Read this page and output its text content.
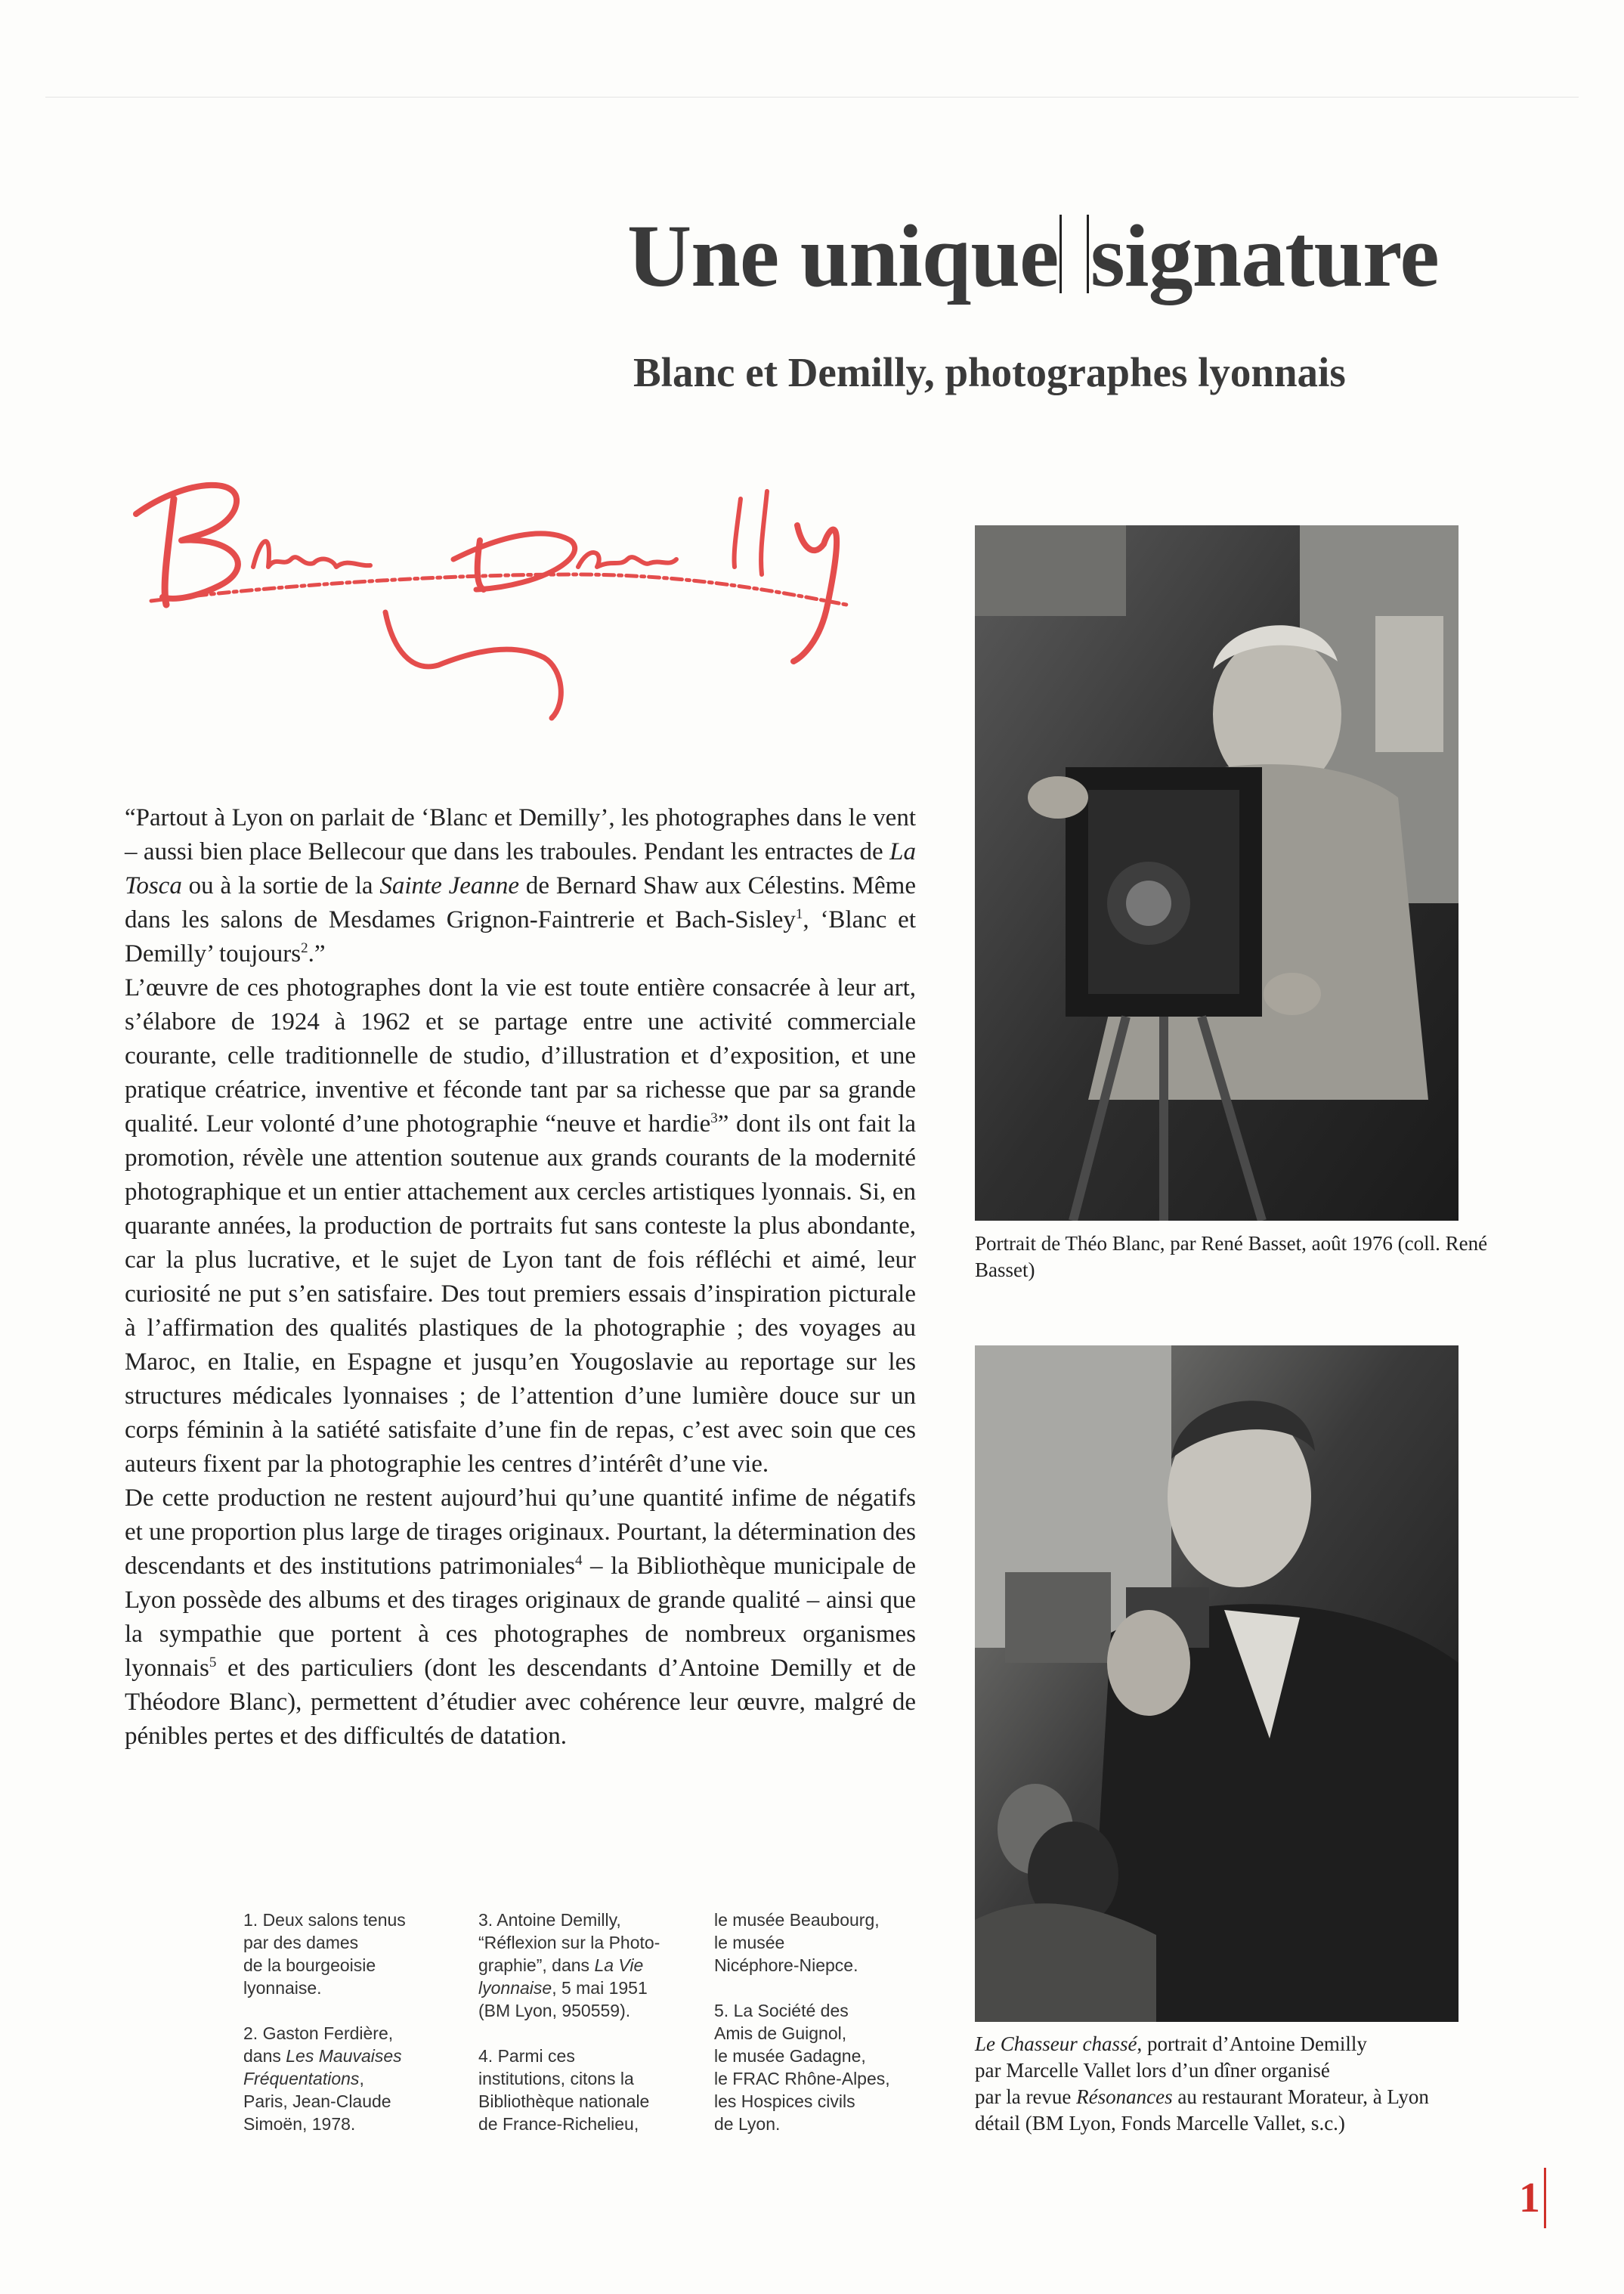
Une unique signature
Blanc et Demilly, photographes lyonnais

“Partout à Lyon on parlait de ‘Blanc et Demilly’, les photographes dans le vent – aussi bien place Bellecour que dans les traboules. Pendant les entractes de La Tosca ou à la sortie de la Sainte Jeanne de Bernard Shaw aux Célestins. Même dans les salons de Mesdames Grignon-Faintrerie et Bach-Sisley$^1$, ‘Blanc et Demilly’ toujours$^2$.”

L’œuvre de ces photographes dont la vie est toute entière consacrée à leur art, s’élabore de 1924 à 1962 et se partage entre une activité commerciale courante, celle traditionnelle de studio, d’illustration et d’exposition, et une pratique créatrice, inventive et féconde tant par sa richesse que par sa grande qualité. Leur volonté d’une photographie “neuve et hardie$^3$” dont ils ont fait la promotion, révèle une attention soutenue aux grands courants de la modernité photographique et un entier attachement aux cercles artistiques lyonnais. Si, en quarante années, la production de portraits fut sans conteste la plus abondante, car la plus lucrative, et le sujet de Lyon tant de fois réfléchi et aimé, leur curiosité ne put s’en satisfaire. Des tout premiers essais d’inspiration picturale à l’affirmation des qualités plastiques de la photographie ; des voyages au Maroc, en Italie, en Espagne et jusqu’en Yougoslavie au reportage sur les structures médicales lyonnaises ; de l’attention d’une lumière douce sur un corps féminin à la satiété satisfaite d’une fin de repas, c’est avec soin que ces auteurs fixent par la photographie les centres d’intérêt d’une vie.

De cette production ne restent aujourd’hui qu’une quantité infime de négatifs et une proportion plus large de tirages originaux. Pourtant, la détermination des descendants et des institutions patrimoniales$^4$ – la Bibliothèque municipale de Lyon possède des albums et des tirages originaux de grande qualité – ainsi que la sympathie que portent à ces photographes de nombreux organismes lyonnais$^5$ et des particuliers (dont les descendants d’Antoine Demilly et de Théodore Blanc), permettent d’étudier avec cohérence leur œuvre, malgré de pénibles pertes et des difficultés de datation.

Portrait de Théo Blanc, par René Basset, août 1976 (coll. René Basset)
Le Chasseur chassé, portrait d’Antoine Demilly
par Marcelle Vallet lors d’un dîner organisé
par la revue Résonances au restaurant Morateur, à Lyon
détail (BM Lyon, Fonds Marcelle Vallet, s.c.)

1. Deux salons tenus
par des dames
de la bourgeoisie
lyonnaise.

2. Gaston Ferdière,
dans Les Mauvaises
Fréquentations,
Paris, Jean-Claude
Simoën, 1978.

3. Antoine Demilly,
“Réflexion sur la Photo-
graphie”, dans La Vie
lyonnaise, 5 mai 1951
(BM Lyon, 950559).

4. Parmi ces
institutions, citons la
Bibliothèque nationale
de France-Richelieu,

le musée Beaubourg,
le musée
Nicéphore-Niepce.

5. La Société des
Amis de Guignol,
le musée Gadagne,
le FRAC Rhône-Alpes,
les Hospices civils
de Lyon.

1
